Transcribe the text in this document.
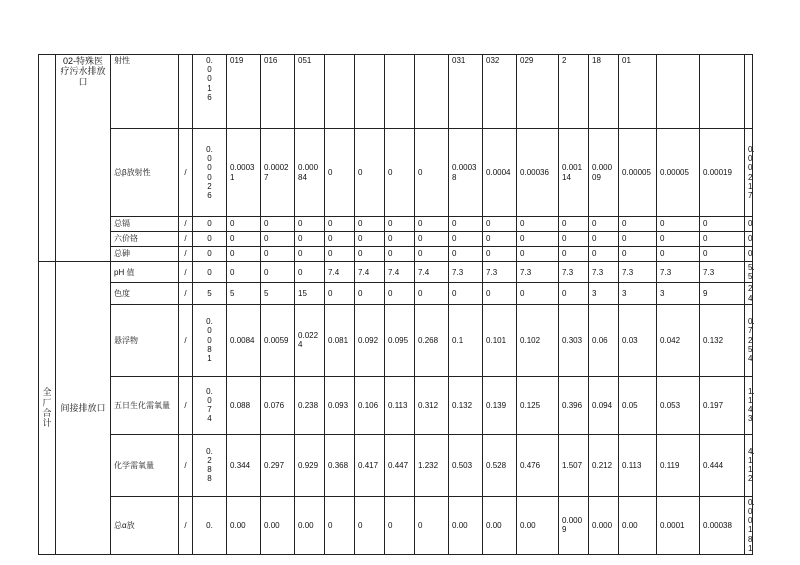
	02-特殊医疗污水排放口	射性		0.0016	019	016	051					031	032	029	2	18	01			
		总β放射性	/	0.00026	0.00031	0.00027	0.00084	0	0	0	0	0.00038	0.0004	0.00036	0.00114	0.00009	0.00005	0.00005	0.00019	0.00217
		总镉	/	0	0	0	0	0	0	0	0	0	0	0	0	0	0	0	0	0
		六价铬	/	0	0	0	0	0	0	0	0	0	0	0	0	0	0	0	0	0
		总砷	/	0	0	0	0	0	0	0	0	0	0	0	0	0	0	0	0	0

全厂合计	间接排放口	pH 值	/	0	0	0	0	7.4	7.4	7.4	7.4	7.3	7.3	7.3	7.3	7.3	7.3	7.3	7.3	5.5
		色度	/	5	5	5	15	0	0	0	0	0	0	0	0	3	3	3	9	24
		悬浮物	/	0.0081	0.0084	0.0059	0.0224	0.081	0.092	0.095	0.268	0.1	0.101	0.102	0.303	0.06	0.03	0.042	0.132	0.7254
		五日生化需氧量	/	0.074	0.088	0.076	0.238	0.093	0.106	0.113	0.312	0.132	0.139	0.125	0.396	0.094	0.05	0.053	0.197	1.143
		化学需氧量	/	0.288	0.344	0.297	0.929	0.368	0.417	0.447	1.232	0.503	0.528	0.476	1.507	0.212	0.113	0.119	0.444	4.112
		总α放	/	0.	0.00	0.00	0.00	0	0	0	0	0.00	0.00	0.00	0.0009	0.000	0.00	0.0001	0.00038	0.00181
